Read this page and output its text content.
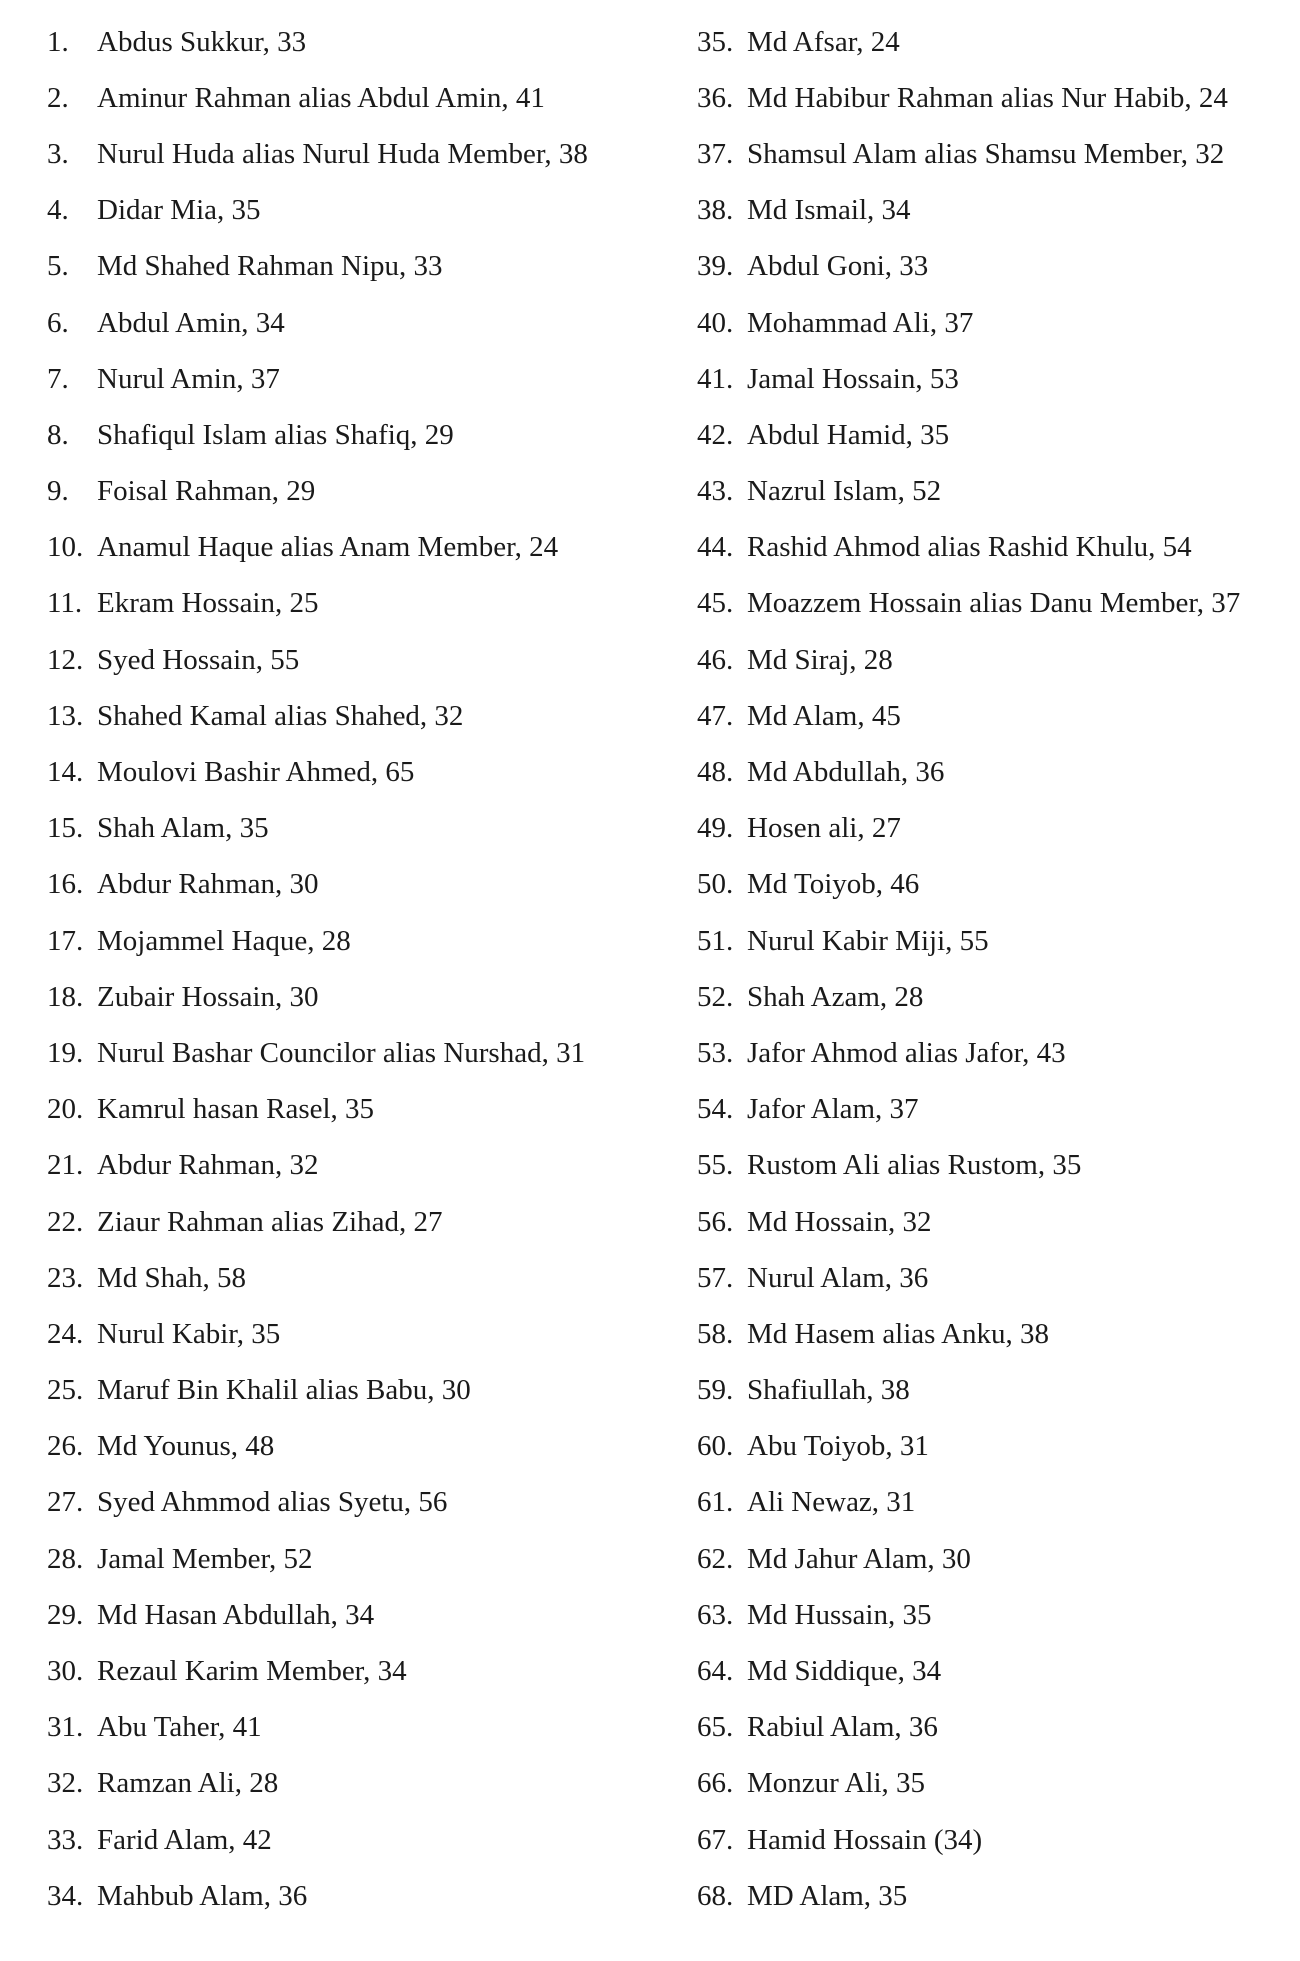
1. Abdus Sukkur, 33
2. Aminur Rahman alias Abdul Amin, 41
3. Nurul Huda alias Nurul Huda Member, 38
4. Didar Mia, 35
5. Md Shahed Rahman Nipu, 33
6. Abdul Amin, 34
7. Nurul Amin, 37
8. Shafiqul Islam alias Shafiq, 29
9. Foisal Rahman, 29
10. Anamul Haque alias Anam Member, 24
11. Ekram Hossain, 25
12. Syed Hossain, 55
13. Shahed Kamal alias Shahed, 32
14. Moulovi Bashir Ahmed, 65
15. Shah Alam, 35
16. Abdur Rahman, 30
17. Mojammel Haque, 28
18. Zubair Hossain, 30
19. Nurul Bashar Councilor alias Nurshad, 31
20. Kamrul hasan Rasel, 35
21. Abdur Rahman, 32
22. Ziaur Rahman alias Zihad, 27
23. Md Shah, 58
24. Nurul Kabir, 35
25. Maruf Bin Khalil alias Babu, 30
26. Md Younus, 48
27. Syed Ahmmod alias Syetu, 56
28. Jamal Member, 52
29. Md Hasan Abdullah, 34
30. Rezaul Karim Member, 34
31. Abu Taher, 41
32. Ramzan Ali, 28
33. Farid Alam, 42
34. Mahbub Alam, 36
35. Md Afsar, 24
36. Md Habibur Rahman alias Nur Habib, 24
37. Shamsul Alam alias Shamsu Member, 32
38. Md Ismail, 34
39. Abdul Goni, 33
40. Mohammad Ali, 37
41. Jamal Hossain, 53
42. Abdul Hamid, 35
43. Nazrul Islam, 52
44. Rashid Ahmod alias Rashid Khulu, 54
45. Moazzem Hossain alias Danu Member, 37
46. Md Siraj, 28
47. Md Alam, 45
48. Md Abdullah, 36
49. Hosen ali, 27
50. Md Toiyob, 46
51. Nurul Kabir Miji, 55
52. Shah Azam, 28
53. Jafor Ahmod alias Jafor, 43
54. Jafor Alam, 37
55. Rustom Ali alias Rustom, 35
56. Md Hossain, 32
57. Nurul Alam, 36
58. Md Hasem alias Anku, 38
59. Shafiullah, 38
60. Abu Toiyob, 31
61. Ali Newaz, 31
62. Md Jahur Alam, 30
63. Md Hussain, 35
64. Md Siddique, 34
65. Rabiul Alam, 36
66. Monzur Ali, 35
67. Hamid Hossain (34)
68. MD Alam, 35
